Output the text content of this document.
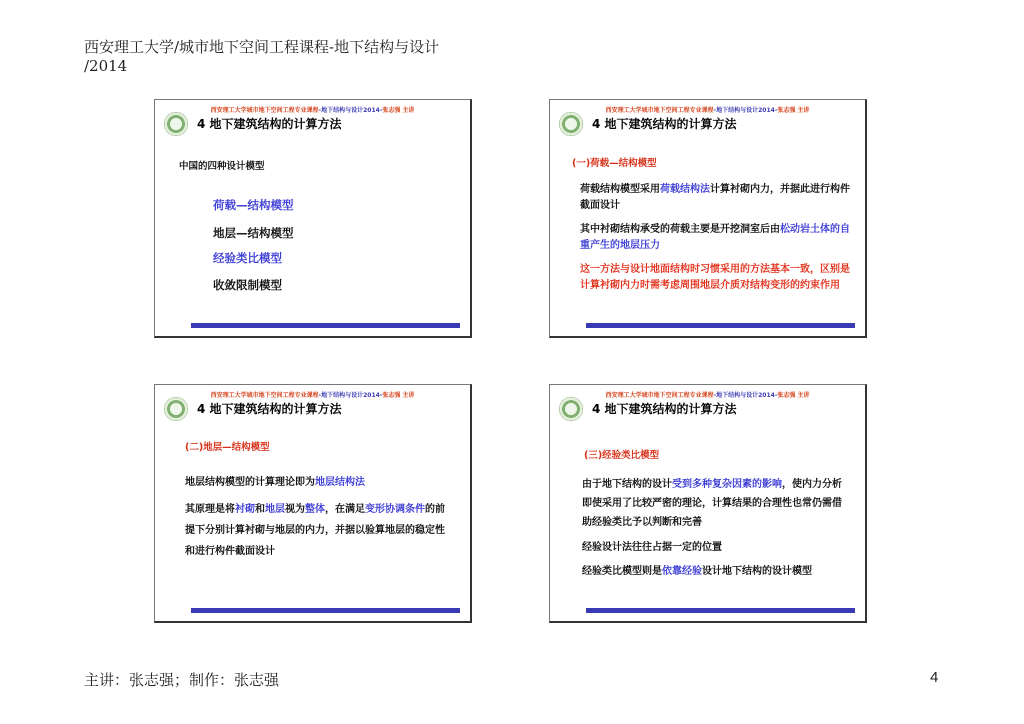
西安理工大学/城市地下空间工程课程-地下结构与设计
/2014
西安理工大学城市地下空间工程专业课程-地下结构与设计2014-张志强 主讲
4 地下建筑结构的计算方法
中国的四种设计模型
荷载—结构模型
地层—结构模型
经验类比模型
收敛限制模型
西安理工大学城市地下空间工程专业课程-地下结构与设计2014-张志强 主讲
4 地下建筑结构的计算方法
(一)荷载—结构模型
荷载结构模型采用荷载结构法计算衬砌内力，并据此进行构件截面设计
其中衬砌结构承受的荷载主要是开挖洞室后由松动岩土体的自重产生的地层压力
这一方法与设计地面结构时习惯采用的方法基本一致，区别是计算衬砌内力时需考虑周围地层介质对结构变形的约束作用
西安理工大学城市地下空间工程专业课程-地下结构与设计2014-张志强 主讲
4 地下建筑结构的计算方法
(二)地层—结构模型
地层结构模型的计算理论即为地层结构法
其原理是将衬砌和地层视为整体，在满足变形协调条件的前提下分别计算衬砌与地层的内力，并据以验算地层的稳定性和进行构件截面设计
西安理工大学城市地下空间工程专业课程-地下结构与设计2014-张志强 主讲
4 地下建筑结构的计算方法
(三)经验类比模型
由于地下结构的设计受到多种复杂因素的影响，使内力分析即使采用了比较严密的理论，计算结果的合理性也常仍需借助经验类比予以判断和完善
经验设计法往往占据一定的位置
经验类比模型则是依靠经验设计地下结构的设计模型
主讲：张志强；制作：张志强	4
